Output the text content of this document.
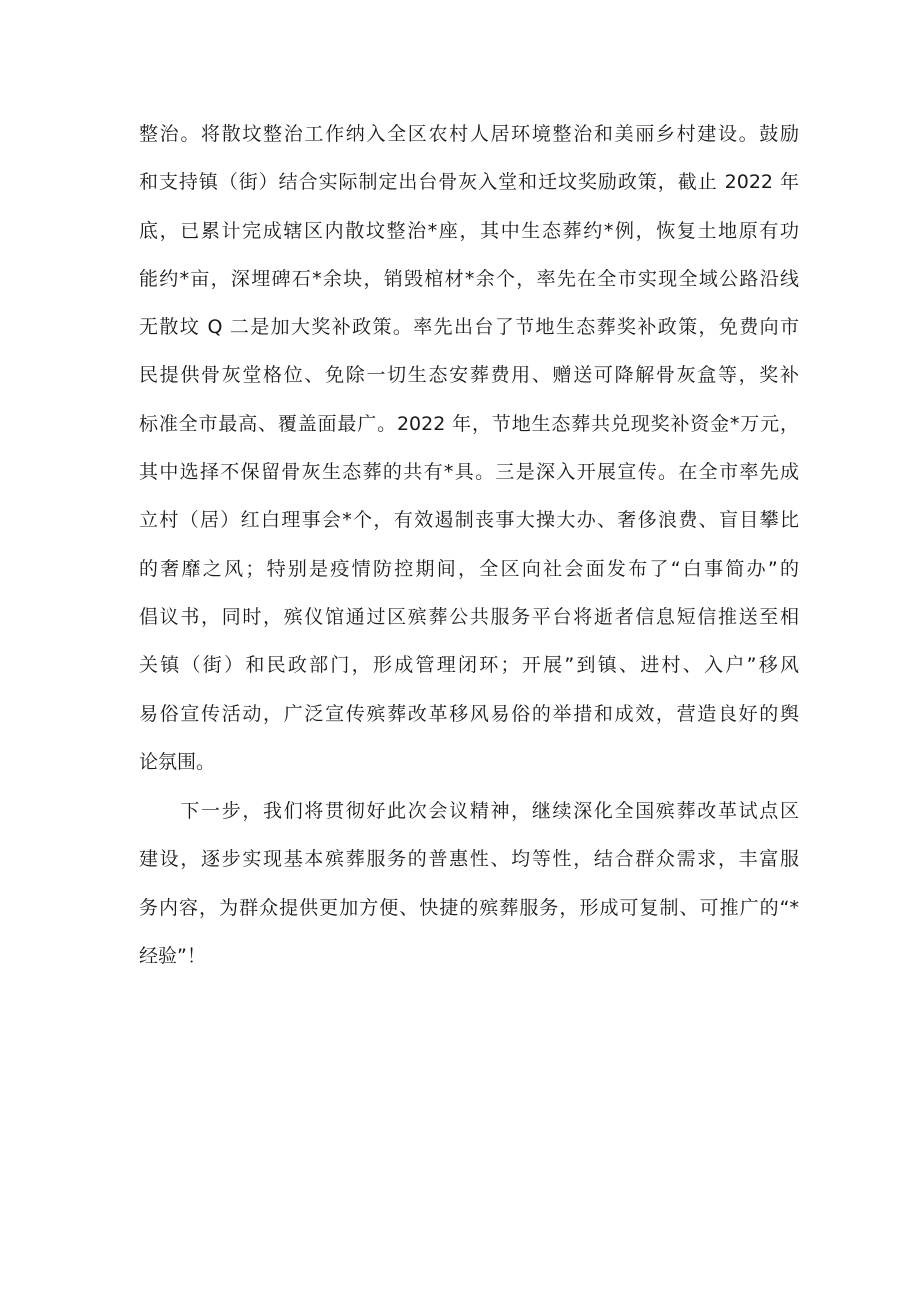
整治。将散坟整治工作纳入全区农村人居环境整治和美丽乡村建设。鼓励
和支持镇（街）结合实际制定出台骨灰入堂和迁坟奖励政策，截止 2022 年
底，已累计完成辖区内散坟整治*座，其中生态葬约*例，恢复土地原有功
能约*亩，深埋碑石*余块，销毁棺材*余个，率先在全市实现全域公路沿线
无散坟 Q 二是加大奖补政策。率先出台了节地生态葬奖补政策，免费向市
民提供骨灰堂格位、免除一切生态安葬费用、赠送可降解骨灰盒等，奖补
标准全市最高、覆盖面最广。2022 年，节地生态葬共兑现奖补资金*万元，
其中选择不保留骨灰生态葬的共有*具。三是深入开展宣传。在全市率先成
立村（居）红白理事会*个，有效遏制丧事大操大办、奢侈浪费、盲目攀比
的奢靡之风；特别是疫情防控期间，全区向社会面发布了“白事简办”的
倡议书，同时，殡仪馆通过区殡葬公共服务平台将逝者信息短信推送至相
关镇（街）和民政部门，形成管理闭环；开展”到镇、进村、入户”移风
易俗宣传活动，广泛宣传殡葬改革移风易俗的举措和成效，营造良好的舆
论氛围。
　　下一步，我们将贯彻好此次会议精神，继续深化全国殡葬改革试点区
建设，逐步实现基本殡葬服务的普惠性、均等性，结合群众需求，丰富服
务内容，为群众提供更加方便、快捷的殡葬服务，形成可复制、可推广的“*
经验”！
